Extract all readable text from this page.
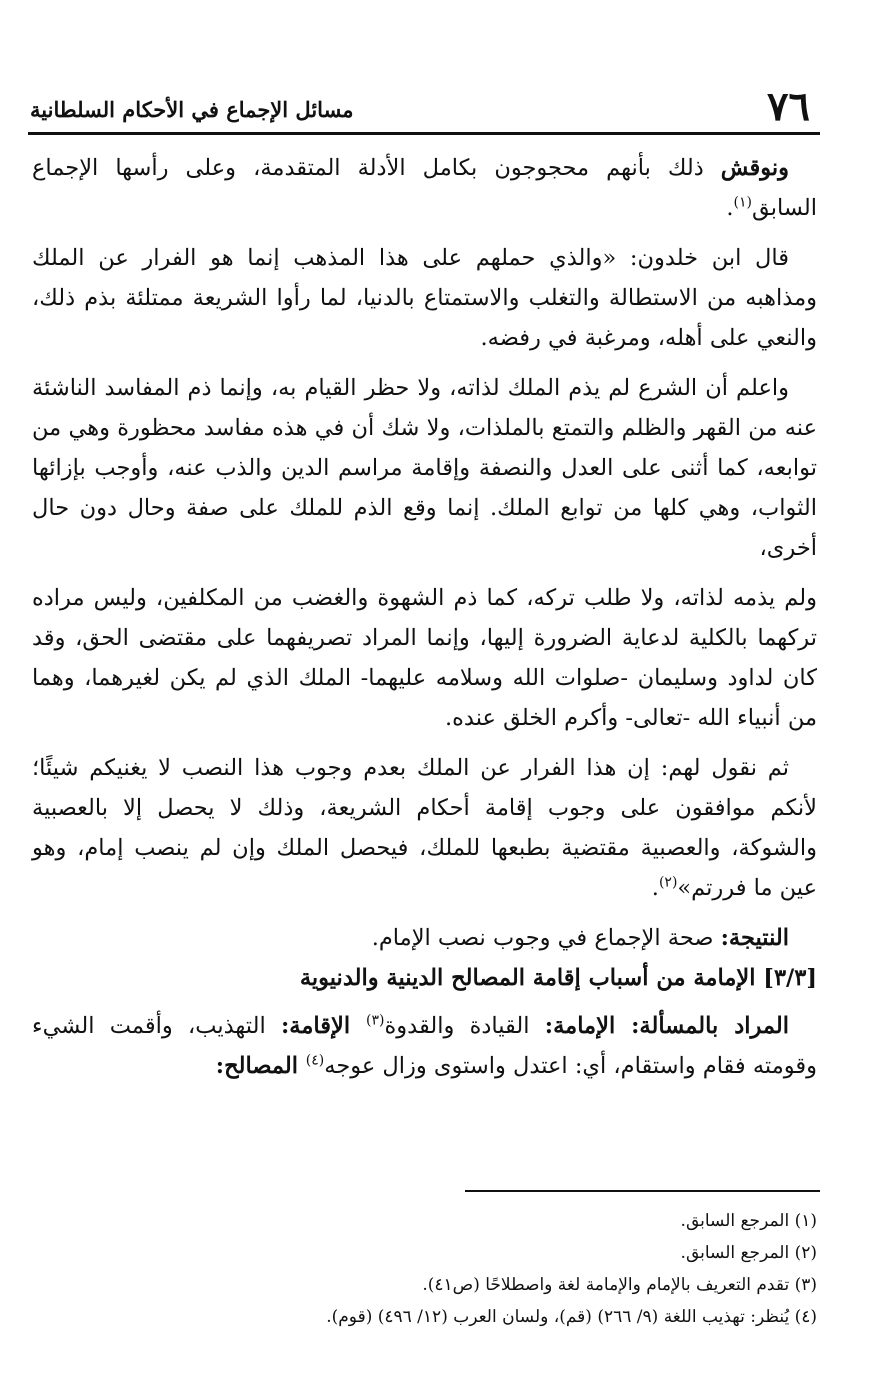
٧٦
مسائل الإجماع في الأحكام السلطانية

ونوقش ذلك بأنهم محجوجون بكامل الأدلة المتقدمة، وعلى رأسها الإجماع السابق$^{(١)}$.

قال ابن خلدون: «والذي حملهم على هذا المذهب إنما هو الفرار عن الملك ومذاهبه من الاستطالة والتغلب والاستمتاع بالدنيا، لما رأوا الشريعة ممتلئة بذم ذلك، والنعي على أهله، ومرغبة في رفضه.

واعلم أن الشرع لم يذم الملك لذاته، ولا حظر القيام به، وإنما ذم المفاسد الناشئة عنه من القهر والظلم والتمتع بالملذات، ولا شك أن في هذه مفاسد محظورة وهي من توابعه، كما أثنى على العدل والنصفة وإقامة مراسم الدين والذب عنه، وأوجب بإزائها الثواب، وهي كلها من توابع الملك. إنما وقع الذم للملك على صفة وحال دون حال أخرى،

ولم يذمه لذاته، ولا طلب تركه، كما ذم الشهوة والغضب من المكلفين، وليس مراده تركهما بالكلية لدعاية الضرورة إليها، وإنما المراد تصريفهما على مقتضى الحق، وقد كان لداود وسليمان -صلوات الله وسلامه عليهما- الملك الذي لم يكن لغيرهما، وهما من أنبياء الله -تعالى- وأكرم الخلق عنده.

ثم نقول لهم: إن هذا الفرار عن الملك بعدم وجوب هذا النصب لا يغنيكم شيئًا؛ لأنكم موافقون على وجوب إقامة أحكام الشريعة، وذلك لا يحصل إلا بالعصبية والشوكة، والعصبية مقتضية بطبعها للملك، فيحصل الملك وإن لم ينصب إمام، وهو عين ما فررتم»$^{(٢)}$.

النتيجة: صحة الإجماع في وجوب نصب الإمام.

[٣/٣] الإمامة من أسباب إقامة المصالح الدينية والدنيوية

المراد بالمسألة: الإمامة: القيادة والقدوة$^{(٣)}$ الإقامة: التهذيب، وأقمت الشيء وقومته فقام واستقام، أي: اعتدل واستوى وزال عوجه$^{(٤)}$ المصالح:

(١) المرجع السابق.
(٢) المرجع السابق.
(٣) تقدم التعريف بالإمام والإمامة لغة واصطلاحًا (ص٤١).
(٤) يُنظر: تهذيب اللغة (٩/ ٢٦٦) (قم)، ولسان العرب (١٢/ ٤٩٦) (قوم).
